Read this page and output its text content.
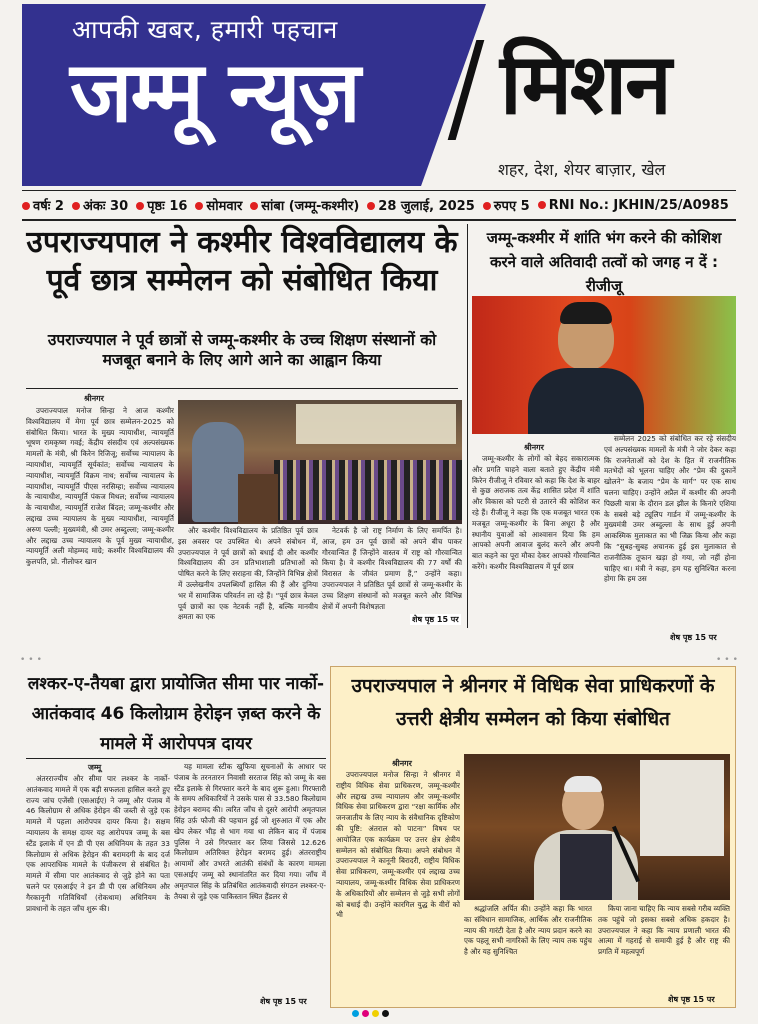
आपकी खबर, हमारी पहचान
जम्मू न्यूज़ मिशन
शहर, देश, शेयर बाज़ार, खेल
वर्षः 2	अंकः 30	पृष्ठः 16	सोमवार	सांबा (जम्मू-कश्मीर)	28 जुलाई, 2025	रुपए 5	RNI No.: JKHIN/25/A0985
उपराज्यपाल ने कश्मीर विश्वविद्यालय के पूर्व छात्र सम्मेलन को संबोधित किया
उपराज्यपाल ने पूर्व छात्रों से जम्मू-कश्मीर के उच्च शिक्षण संस्थानों को मजबूत बनाने के लिए आगे आने का आह्वान किया
श्रीनगर

उपराज्यपाल मनोज सिन्हा ने आज कश्मीर विश्वविद्यालय में मेगा पूर्व छात्र सम्मेलन-2025 को संबोधित किया। भारत के मुख्य न्यायाधीश, न्यायमूर्ति भूषण रामकृष्ण गवई; केंद्रीय संसदीय एवं अल्पसंख्यक मामलों के मंत्री, श्री किरेन रिजिजू; सर्वोच्च न्यायालय के न्यायाधीश, न्यायमूर्ति सूर्यकांत; सर्वोच्च न्यायालय के न्यायाधीश, न्यायमूर्ति विक्रम नाथ; सर्वोच्च न्यायालय के न्यायाधीश, न्यायमूर्ति पीएस नरसिम्हा; सर्वोच्च न्यायालय के न्यायाधीश, न्यायमूर्ति पंकज मिथल; सर्वोच्च न्यायालय के न्यायाधीश, न्यायमूर्ति राजेश बिंदल; जम्मू-कश्मीर और लद्दाख उच्च न्यायालय के मुख्य न्यायाधीश, न्यायमूर्ति अरुण पल्ली; मुख्यमंत्री, श्री उमर अब्दुल्ला; जम्मू-कश्मीर और लद्दाख उच्च न्यायालय के पूर्व मुख्य न्यायाधीश, न्यायमूर्ति अली मोहम्मद माग्रे; कश्मीर विश्वविद्यालय की कुलपति, प्रो. नीलोफर खान

और कश्मीर विश्वविद्यालय के प्रतिष्ठित पूर्व छात्र इस अवसर पर उपस्थित थे। अपने संबोधन में, उपराज्यपाल ने पूर्व छात्रों को बधाई दी और कश्मीर विश्वविद्यालय की उन प्रतिभाशाली प्रतिभाओं को पोषित करने के लिए सराहना की, जिन्होंने विभिन्न क्षेत्रों में उल्लेखनीय उपलब्धियाँ हासिल की हैं और दुनिया भर में सामाजिक परिवर्तन ला रहे हैं। “पूर्व छात्र केवल पूर्व छात्रों का एक नेटवर्क नहीं है, बल्कि मानवीय क्षमता का एक

नेटवर्क है जो राष्ट्र निर्माण के लिए समर्पित है। आज, हम उन पूर्व छात्रों को अपने बीच पाकर गौरवान्वित हैं जिन्होंने वास्तव में राष्ट्र को गौरवान्वित किया है। वे कश्मीर विश्वविद्यालय की 77 वर्षों की विरासत के जीवंत प्रमाण हैं,” उन्होंने कहा। उपराज्यपाल ने प्रतिष्ठित पूर्व छात्रों से जम्मू-कश्मीर के उच्च शिक्षण संस्थानों को मजबूत करने और विभिन्न क्षेत्रों में अपनी विशेषज्ञता

शेष पृष्ठ 15 पर
जम्मू-कश्मीर में शांति भंग करने की कोशिश करने वाले अतिवादी तत्वों को जगह न दें : रीजीजू
श्रीनगर

जम्मू-कश्मीर के लोगों को बेहद सकारात्मक और प्रगति चाहने वाला बताते हुए केंद्रीय मंत्री किरेन रीजीजू ने रविवार को कहा कि देश के बाहर से कुछ अराजक तत्व केंद्र शासित प्रदेश में शांति और विकास को पटरी से उतारने की कोशिश कर रहे हैं। रीजीजू ने कहा कि एक मजबूत भारत एक मजबूत जम्मू-कश्मीर के बिना अधूरा है और स्थानीय युवाओं को आश्वासन दिया कि हम आपको अपनी आवाज बुलंद करने और अपनी बात कहने का पूरा मौका देकर आपको गौरवान्वित करेंगे। कश्मीर विश्वविद्यालय में पूर्व छात्र

सम्मेलन 2025 को संबोधित कर रहे संसदीय एवं अल्पसंख्यक मामलों के मंत्री ने जोर देकर कहा कि राजनेताओं को देश के हित में राजनीतिक मतभेदों को भूलना चाहिए और “प्रेम की दुकानें खोलने” के बजाय “प्रेम के मार्ग” पर एक साथ चलना चाहिए। उन्होंने अप्रैल में कश्मीर की अपनी पिछली यात्रा के दौरान डल झील के किनारे एशिया के सबसे बड़े ट्यूलिप गार्डन में जम्मू-कश्मीर के मुख्यमंत्री उमर अब्दुल्ला के साथ हुई अपनी आकस्मिक मुलाकात का भी जिक्र किया और कहा कि “सुबह-सुबह अचानक हुई इस मुलाकात से राजनीतिक तूफान खड़ा हो गया, जो नहीं होना चाहिए था। मंत्री ने कहा, हम यह सुनिश्चित करना होगा कि हम उस

शेष पृष्ठ 15 पर
•••	•••
लश्कर-ए-तैयबा द्वारा प्रायोजित सीमा पार नार्को-आतंकवाद 46 किलोग्राम हेरोइन ज़ब्त करने के मामले में आरोपपत्र दायर
जम्मू

अंतरराज्यीय और सीमा पार लश्कर के नार्को-आतंकवाद मामले में एक बड़ी सफलता हासिल करते हुए राज्य जांच एजेंसी (एसआईए) ने जम्मू और पंजाब में 46 किलोग्राम से अधिक हेरोइन की जब्ती से जुड़े एक मामले में पहला आरोपपत्र दायर किया है। सक्षम न्यायालय के समक्ष दायर यह आरोपपत्र जम्मू के बस स्टैंड इलाके में एन डी पी एस अधिनियम के तहत 33 किलोग्राम से अधिक हेरोइन की बरामदगी के बाद दर्ज एक आपराधिक मामले के पंजीकरण से संबंधित है। मामले में सीमा पार आतंकवाद से जुड़े होने का पता चलने पर एसआईए ने इन डी पी एस अधिनियम और गैरकानूनी गतिविधियाँ (रोकथाम) अधिनियम के प्रावधानों के तहत जाँच शुरू की।

यह मामला स्टीक खुफिया सूचनाओं के आधार पर पंजाब के तरनतारन निवासी सरताज सिंह को जम्मू के बस स्टैंड इलाके से गिरफ्तार करने के बाद शुरू हुआ। गिरफ्तारी के समय अधिकारियों ने उसके पास से 33.580 किलोग्राम हेरोइन बरामद की। त्वरित जाँच से दूसरे आरोपी अमृतपाल सिंह उर्फ़ फौजी की पहचान हुई जो शुरुआत में एक और खेप लेकर भीड़ से भाग गया था लेकिन बाद में पंजाब पुलिस ने उसे गिरफ्तार कर लिया जिससे 12.626 किलोग्राम अतिरिक्त हेरोइन बरामद हुई। अंतरराष्ट्रीय आयामों और उभरते आतंकी संबंधों के कारण मामला एसआईए जम्मू को स्थानांतरित कर दिया गया। जाँच में अमृतपाल सिंह के प्रतिबंधित आतंकवादी संगठन लश्कर-ए-तैयबा से जुड़े एक पाकिस्तान स्थित हैंडलर से

शेष पृष्ठ 15 पर
उपराज्यपाल ने श्रीनगर में विधिक सेवा प्राधिकरणों के उत्तरी क्षेत्रीय सम्मेलन को किया संबोधित
श्रीनगर

उपराज्यपाल मनोज सिन्हा ने श्रीनगर में राष्ट्रीय विधिक सेवा प्राधिकरण, जम्मू-कश्मीर और लद्दाख उच्च न्यायालय और जम्मू-कश्मीर विधिक सेवा प्राधिकरण द्वारा “रक्षा कार्मिक और जनजातीय के लिए न्याय के संवैधानिक दृष्टिकोण की पुष्टि: अंतराल को पाटना” विषय पर आयोजित एक कार्यक्रम पर उत्तर क्षेत्र क्षेत्रीय सम्मेलन को संबोधित किया। अपने संबोधन में उपराज्यपाल ने कानूनी बिरादरी, राष्ट्रीय विधिक सेवा प्राधिकरण, जम्मू-कश्मीर एवं लद्दाख उच्च न्यायालय, जम्मू-कश्मीर विधिक सेवा प्राधिकरण के अधिकारियों और सम्मेलन से जुड़े सभी लोगों को बधाई दी। उन्होंने कारगिल युद्ध के वीरों को भी

श्रद्धांजलि अर्पित की। उन्होंने कहा कि भारत का संविधान सामाजिक, आर्थिक और राजनीतिक न्याय की गारंटी देता है और न्याय प्रदान करने का एक पहलू सभी नागरिकों के लिए न्याय तक पहुंच है और यह सुनिश्चित

किया जाना चाहिए कि न्याय सबसे गरीब व्यक्ति तक पहुंचे जो इसका सबसे अधिक हकदार है। उपराज्यपाल ने कहा कि न्याय प्रणाली भारत की आत्मा में गहराई से समायी हुई है और राष्ट्र की प्रगति में महत्वपूर्ण

शेष पृष्ठ 15 पर
